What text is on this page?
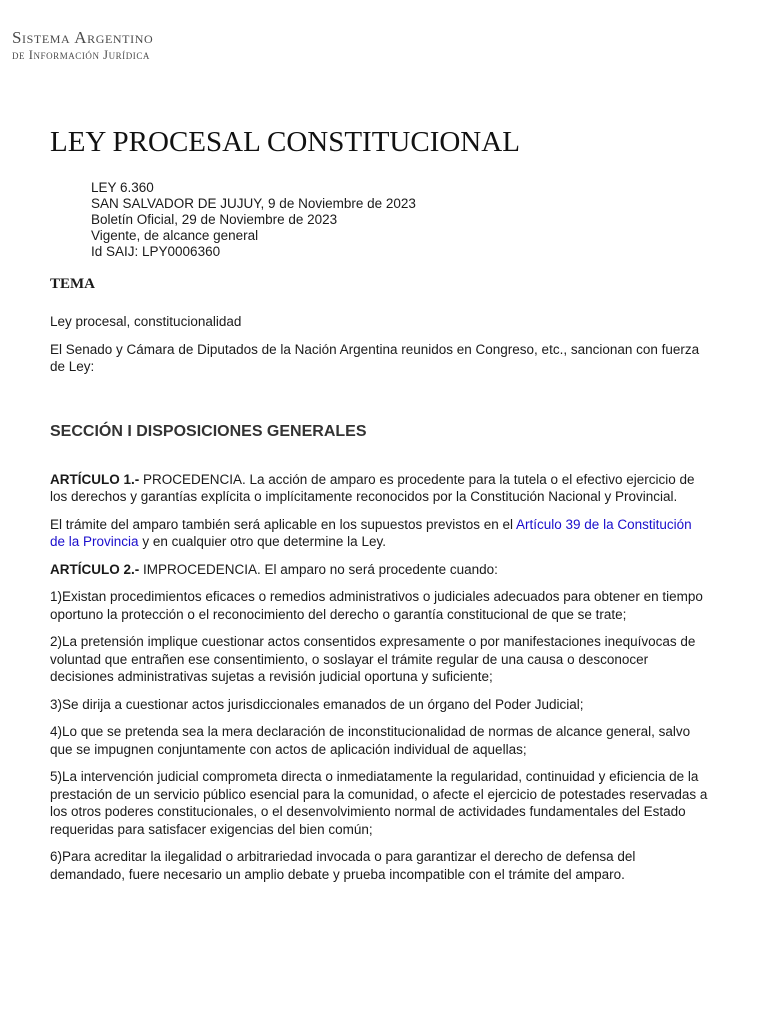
Sistema Argentino
de Información Jurídica
LEY PROCESAL CONSTITUCIONAL
LEY 6.360
SAN SALVADOR DE JUJUY, 9 de Noviembre de 2023
Boletín Oficial, 29 de Noviembre de 2023
Vigente, de alcance general
Id SAIJ: LPY0006360
TEMA

Ley procesal, constitucionalidad

El Senado y Cámara de Diputados de la Nación Argentina reunidos en Congreso, etc., sancionan con fuerza de Ley:

SECCIÓN I DISPOSICIONES GENERALES

ARTÍCULO 1.- PROCEDENCIA. La acción de amparo es procedente para la tutela o el efectivo ejercicio de los derechos y garantías explícita o implícitamente reconocidos por la Constitución Nacional y Provincial.

El trámite del amparo también será aplicable en los supuestos previstos en el Artículo 39 de la Constitución de la Provincia y en cualquier otro que determine la Ley.

ARTÍCULO 2.- IMPROCEDENCIA. El amparo no será procedente cuando:

1)Existan procedimientos eficaces o remedios administrativos o judiciales adecuados para obtener en tiempo oportuno la protección o el reconocimiento del derecho o garantía constitucional de que se trate;

2)La pretensión implique cuestionar actos consentidos expresamente o por manifestaciones inequívocas de voluntad que entrañen ese consentimiento, o soslayar el trámite regular de una causa o desconocer decisiones administrativas sujetas a revisión judicial oportuna y suficiente;

3)Se dirija a cuestionar actos jurisdiccionales emanados de un órgano del Poder Judicial;

4)Lo que se pretenda sea la mera declaración de inconstitucionalidad de normas de alcance general, salvo que se impugnen conjuntamente con actos de aplicación individual de aquellas;

5)La intervención judicial comprometa directa o inmediatamente la regularidad, continuidad y eficiencia de la prestación de un servicio público esencial para la comunidad, o afecte el ejercicio de potestades reservadas a los otros poderes constitucionales, o el desenvolvimiento normal de actividades fundamentales del Estado requeridas para satisfacer exigencias del bien común;

6)Para acreditar la ilegalidad o arbitrariedad invocada o para garantizar el derecho de defensa del demandado, fuere necesario un amplio debate y prueba incompatible con el trámite del amparo.
